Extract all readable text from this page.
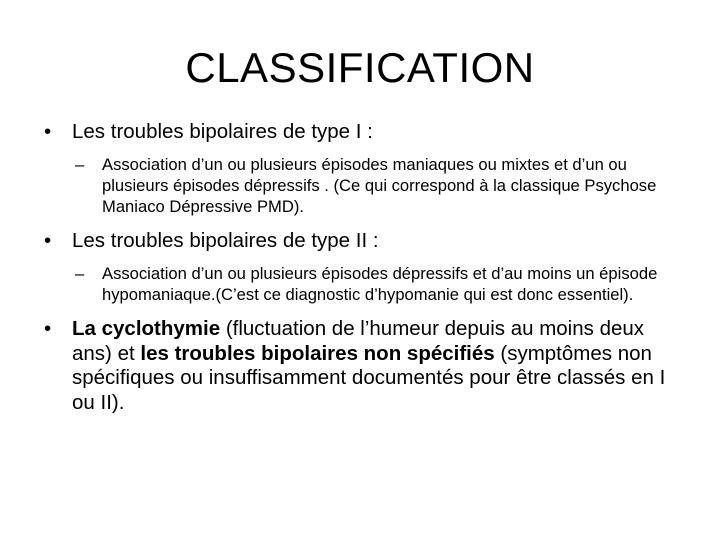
CLASSIFICATION
•	Les troubles bipolaires de type I :
– Association d’un ou plusieurs épisodes maniaques ou mixtes et d’un ou plusieurs épisodes dépressifs . (Ce qui correspond à la classique Psychose Maniaco Dépressive PMD).
•	Les troubles bipolaires de type II :
– Association d’un ou plusieurs épisodes dépressifs et d’au moins un épisode hypomaniaque.(C’est ce diagnostic d’hypomanie qui est donc essentiel).
•	La cyclothymie (fluctuation de l’humeur depuis au moins deux ans) et les troubles bipolaires non spécifiés (symptômes non spécifiques ou insuffisamment documentés pour être classés en I ou II).
